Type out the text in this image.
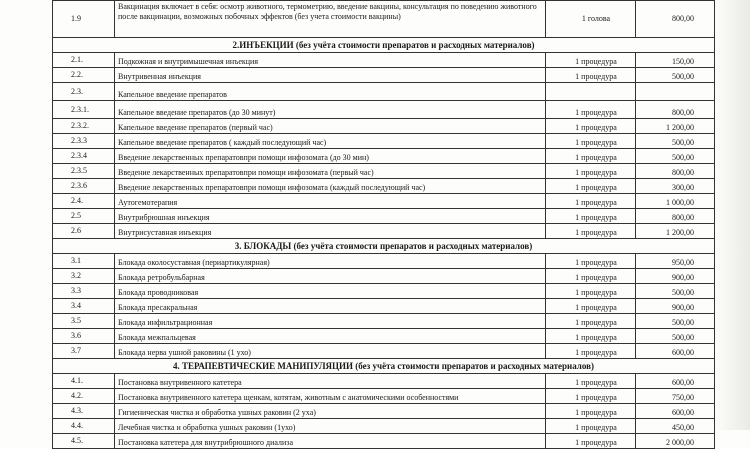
1.9	Вакцинация включает в себя: осмотр животного, термометрию, введение вакцины, консультация по поведению животного после вакцинации, возможных побочных эффектов (без учета стоимости вакцины)	1 голова	800,00
2.ИНЪЕКЦИИ (без учёта стоимости препаратов и расходных материалов)			
2.1.	Подкожная и внутримышечная инъекция	1 процедура	150,00
2.2.	Внутривенная инъекция	1 процедура	500,00
2.3.	Капельное введение препаратов		
2.3.1.	Капельное введение препаратов (до 30 минут)	1 процедура	800,00
2.3.2.	Капельное введение препаратов (первый час)	1 процедура	1 200,00
2.3.3	Капельное введение препаратов ( каждый последующий час)	1 процедура	500,00
2.3.4	Введение лекарственных препаратовпри помощи инфозомата (до 30 мин)	1 процедура	500,00
2.3.5	Введение лекарственных препаратовпри помощи инфозомата (первый час)	1 процедура	800,00
2.3.6	Введение лекарственных препаратовпри помощи инфозомата (каждый последующий час)	1 процедура	300,00
2.4.	Аутогемотерапия	1 процедура	1 000,00
2.5	Внутрибрюшная инъекция	1 процедура	800,00
2.6	Внутрисуставная инъекция	1 процедура	1 200,00
3. БЛОКАДЫ (без учёта стоимости препаратов и расходных материалов)			
3.1	Блокада околосуставная (периартикулярная)	1 процедура	950,00
3.2	Блокада ретробульбарная	1 процедура	900,00
3.3	Блокада проводниковая	1 процедура	500,00
3.4	Блокада пресакральная	1 процедура	900,00
3.5	Блокада инфильтрационная	1 процедура	500,00
3.6	Блокада межпальцевая	1 процедура	500,00
3.7	Блокада нерва ушной раковины (1 ухо)	1 процедура	600,00
4. ТЕРАПЕВТИЧЕСКИЕ МАНИПУЛЯЦИИ (без учёта стоимости препаратов и расходных материалов)			
4.1.	Постановка внутривенного катетера	1 процедура	600,00
4.2.	Постановка внутривенного катетера щенкам, котятам, животным с анатомическими особенностями	1 процедура	750,00
4.3.	Гигиеническая чистка и обработка ушных раковин (2 уха)	1 процедура	600,00
4.4.	Лечебная чистка и обработка ушных раковин (1ухо)	1 процедура	450,00
4.5.	Постановка катетера для внутрибрюшного диализа	1 процедура	2 000,00
